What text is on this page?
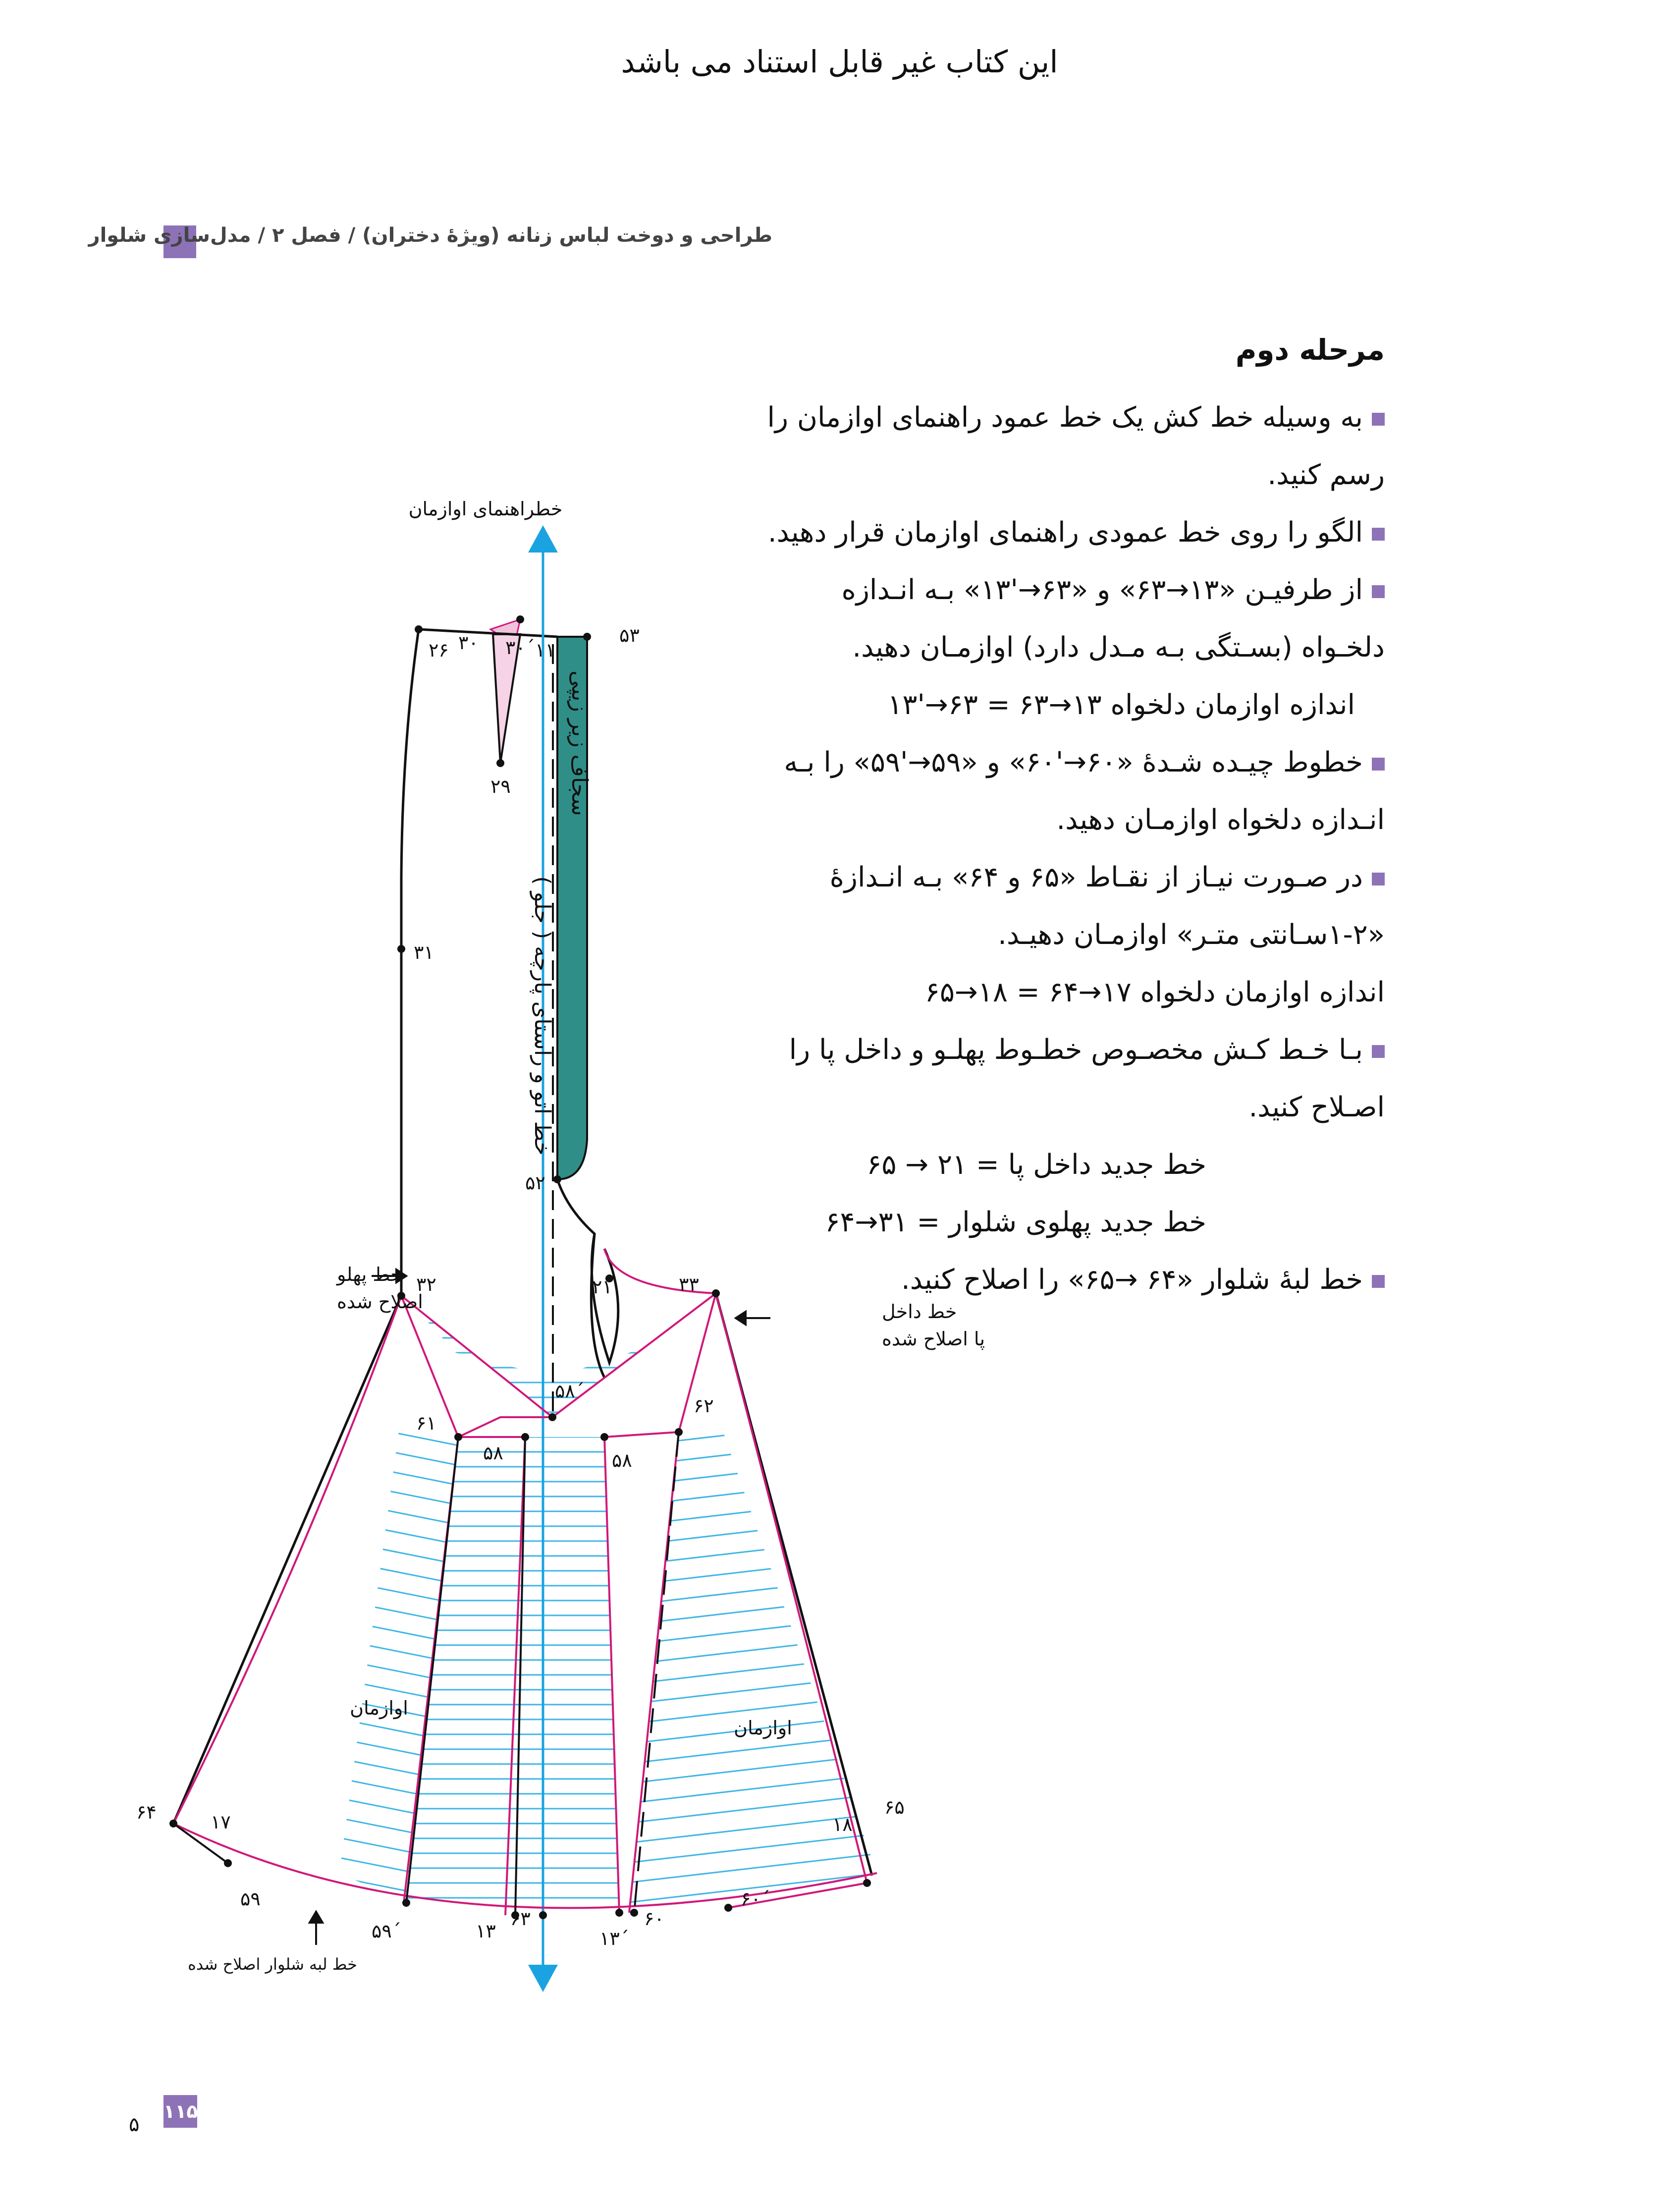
این کتاب غیر قابل استناد می باشد
طراحی و دوخت لباس زنانه (ویژهٔ دختران) / فصل ۲ / مدل‌سازی شلوار
مرحله دوم

به وسیله خط کش یک خط عمود راهنمای اوازمان را رسم کنید.

الگو را روی خط عمودی راهنمای اوازمان قرار دهید.

از طرفیـن «۱۳→۶۳» و «۶۳→'۱۳» بـه انـدازه دلخـواه (بسـتگی بـه مـدل دارد) اوازمـان دهید.

اندازه اوازمان دلخواه ۱۳→۶۳ = ۶۳→'۱۳

خطوط چیـده شـدهٔ «۶۰→'۶۰» و «۵۹→'۵۹» را بـه انـدازه دلخواه اوازمـان دهید.

در صـورت نیـاز از نقـاط «۶۵ و ۶۴» بـه انـدازهٔ «۲-۱سـانتی متـر» اوازمـان دهیـد.

اندازه اوازمان دلخواه ۱۷→۶۴ = ۱۸→۶۵

بـا خـط کـش مخصـوص خطـوط پهلـو و داخل پا را اصـلاح کنید.

خط جدید داخل پا = ۲۱ → ۶۵

خط جدید پهلوی شلوار = ۳۱→۶۴

خط لبهٔ شلوار «۶۴ →۶۵» را اصلاح کنید.

خطراهنمای اوازمان
سجاف زیر زیپی
خط اتو و راستای پارچه ( جلو )
خط پهلو
اصلاح شده	خط داخل
پا اصلاح شده
خط لبه شلوار اصلاح شده
اوازمان
اوازمان
۵۳
۱۱
۲۶ ۳۰ ۳۰´
۲۹
۵۲
۳۱
۲۱
۳۲	۳۳
۵۸´
۶۱
۶۲
۵۸	۵۸
۶۴	۱۷	۱۸
۶۵
۵۹
۵۹´	۱۳
۶۳
۱۳´
۶۰
۶۰´
۱۱۵
۵
